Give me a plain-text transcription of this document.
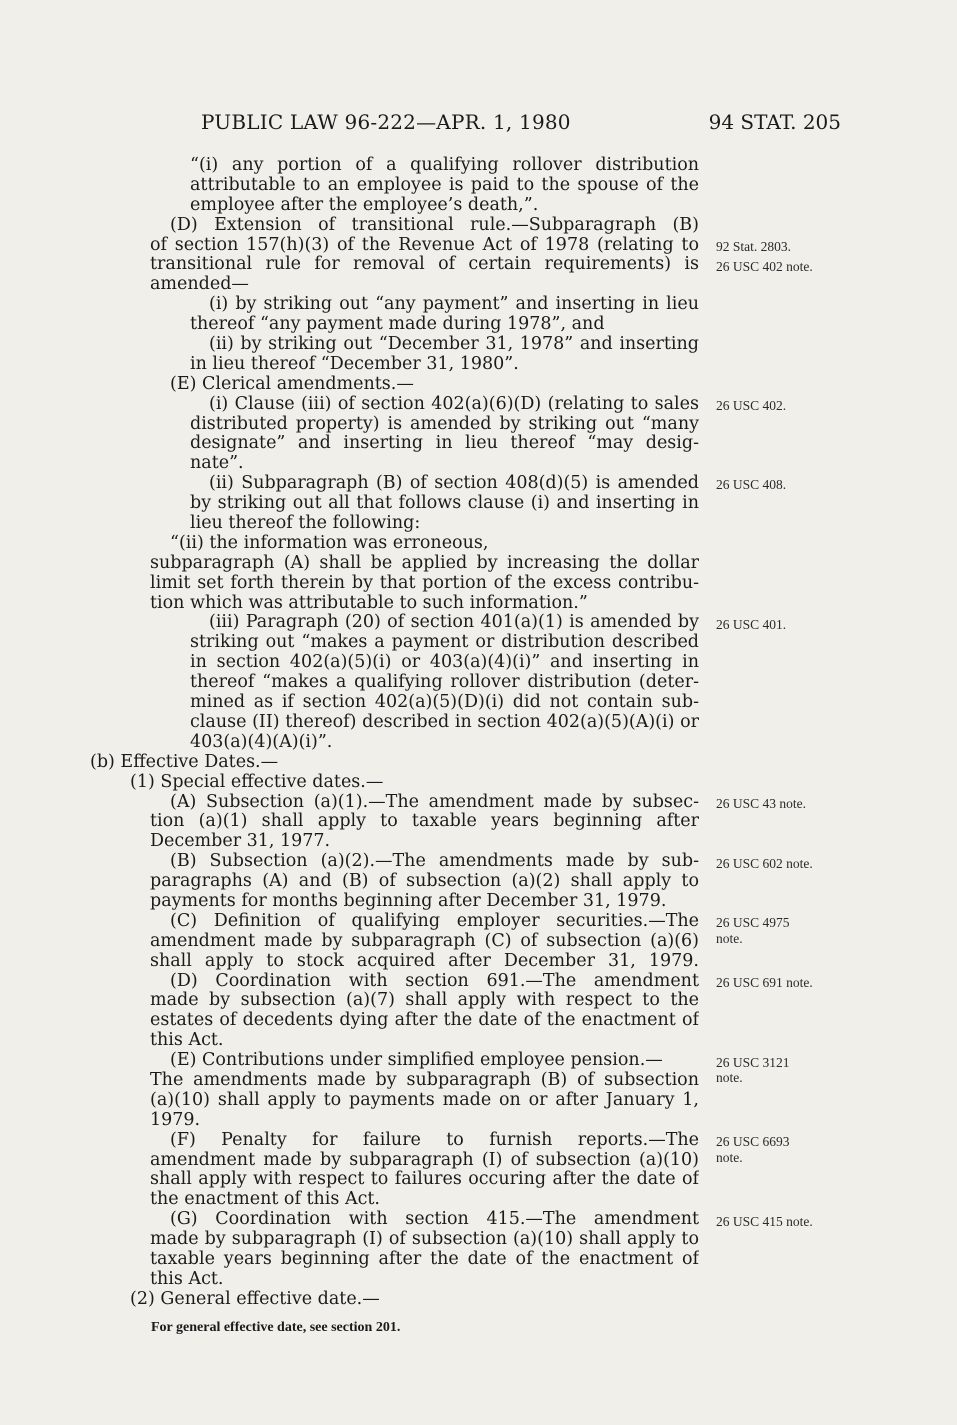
PUBLIC LAW 96-222—APR. 1, 1980	94 STAT. 205
“(i) any portion of a qualifying rollover distribution
attributable to an employee is paid to the spouse of the
employee after the employee’s death,”.
(D) Extension of transitional rule.—Subparagraph (B)
of section 157(h)(3) of the Revenue Act of 1978 (relating to
transitional rule for removal of certain requirements) is
amended—
(i) by striking out “any payment” and inserting in lieu
thereof “any payment made during 1978”, and
(ii) by striking out “December 31, 1978” and inserting
in lieu thereof “December 31, 1980”.
(E) Clerical amendments.—
(i) Clause (iii) of section 402(a)(6)(D) (relating to sales
distributed property) is amended by striking out “many
designate” and inserting in lieu thereof “may desig-
nate”.
(ii) Subparagraph (B) of section 408(d)(5) is amended
by striking out all that follows clause (i) and inserting in
lieu thereof the following:
“(ii) the information was erroneous,
subparagraph (A) shall be applied by increasing the dollar
limit set forth therein by that portion of the excess contribu-
tion which was attributable to such information.”
(iii) Paragraph (20) of section 401(a)(1) is amended by
striking out “makes a payment or distribution described
in section 402(a)(5)(i) or 403(a)(4)(i)” and inserting in
thereof “makes a qualifying rollover distribution (deter-
mined as if section 402(a)(5)(D)(i) did not contain sub-
clause (II) thereof) described in section 402(a)(5)(A)(i) or
403(a)(4)(A)(i)”.
(b) Effective Dates.—
(1) Special effective dates.—
(A) Subsection (a)(1).—The amendment made by subsec-
tion (a)(1) shall apply to taxable years beginning after
December 31, 1977.
(B) Subsection (a)(2).—The amendments made by sub-
paragraphs (A) and (B) of subsection (a)(2) shall apply to
payments for months beginning after December 31, 1979.
(C) Definition of qualifying employer securities.—The
amendment made by subparagraph (C) of subsection (a)(6)
shall apply to stock acquired after December 31, 1979.
(D) Coordination with section 691.—The amendment
made by subsection (a)(7) shall apply with respect to the
estates of decedents dying after the date of the enactment of
this Act.
(E) Contributions under simplified employee pension.—
The amendments made by subparagraph (B) of subsection
(a)(10) shall apply to payments made on or after January 1,
1979.
(F) Penalty for failure to furnish reports.—The
amendment made by subparagraph (I) of subsection (a)(10)
shall apply with respect to failures occuring after the date of
the enactment of this Act.
(G) Coordination with section 415.—The amendment
made by subparagraph (I) of subsection (a)(10) shall apply to
taxable years beginning after the date of the enactment of
this Act.
(2) General effective date.—
92 Stat. 2803.
26 USC 402 note.
26 USC 402.
26 USC 408.
26 USC 401.
26 USC 43 note.
26 USC 602 note.
26 USC 4975
note.
26 USC 691 note.
26 USC 3121
note.
26 USC 6693
note.
26 USC 415 note.
For general effective date, see section 201.
